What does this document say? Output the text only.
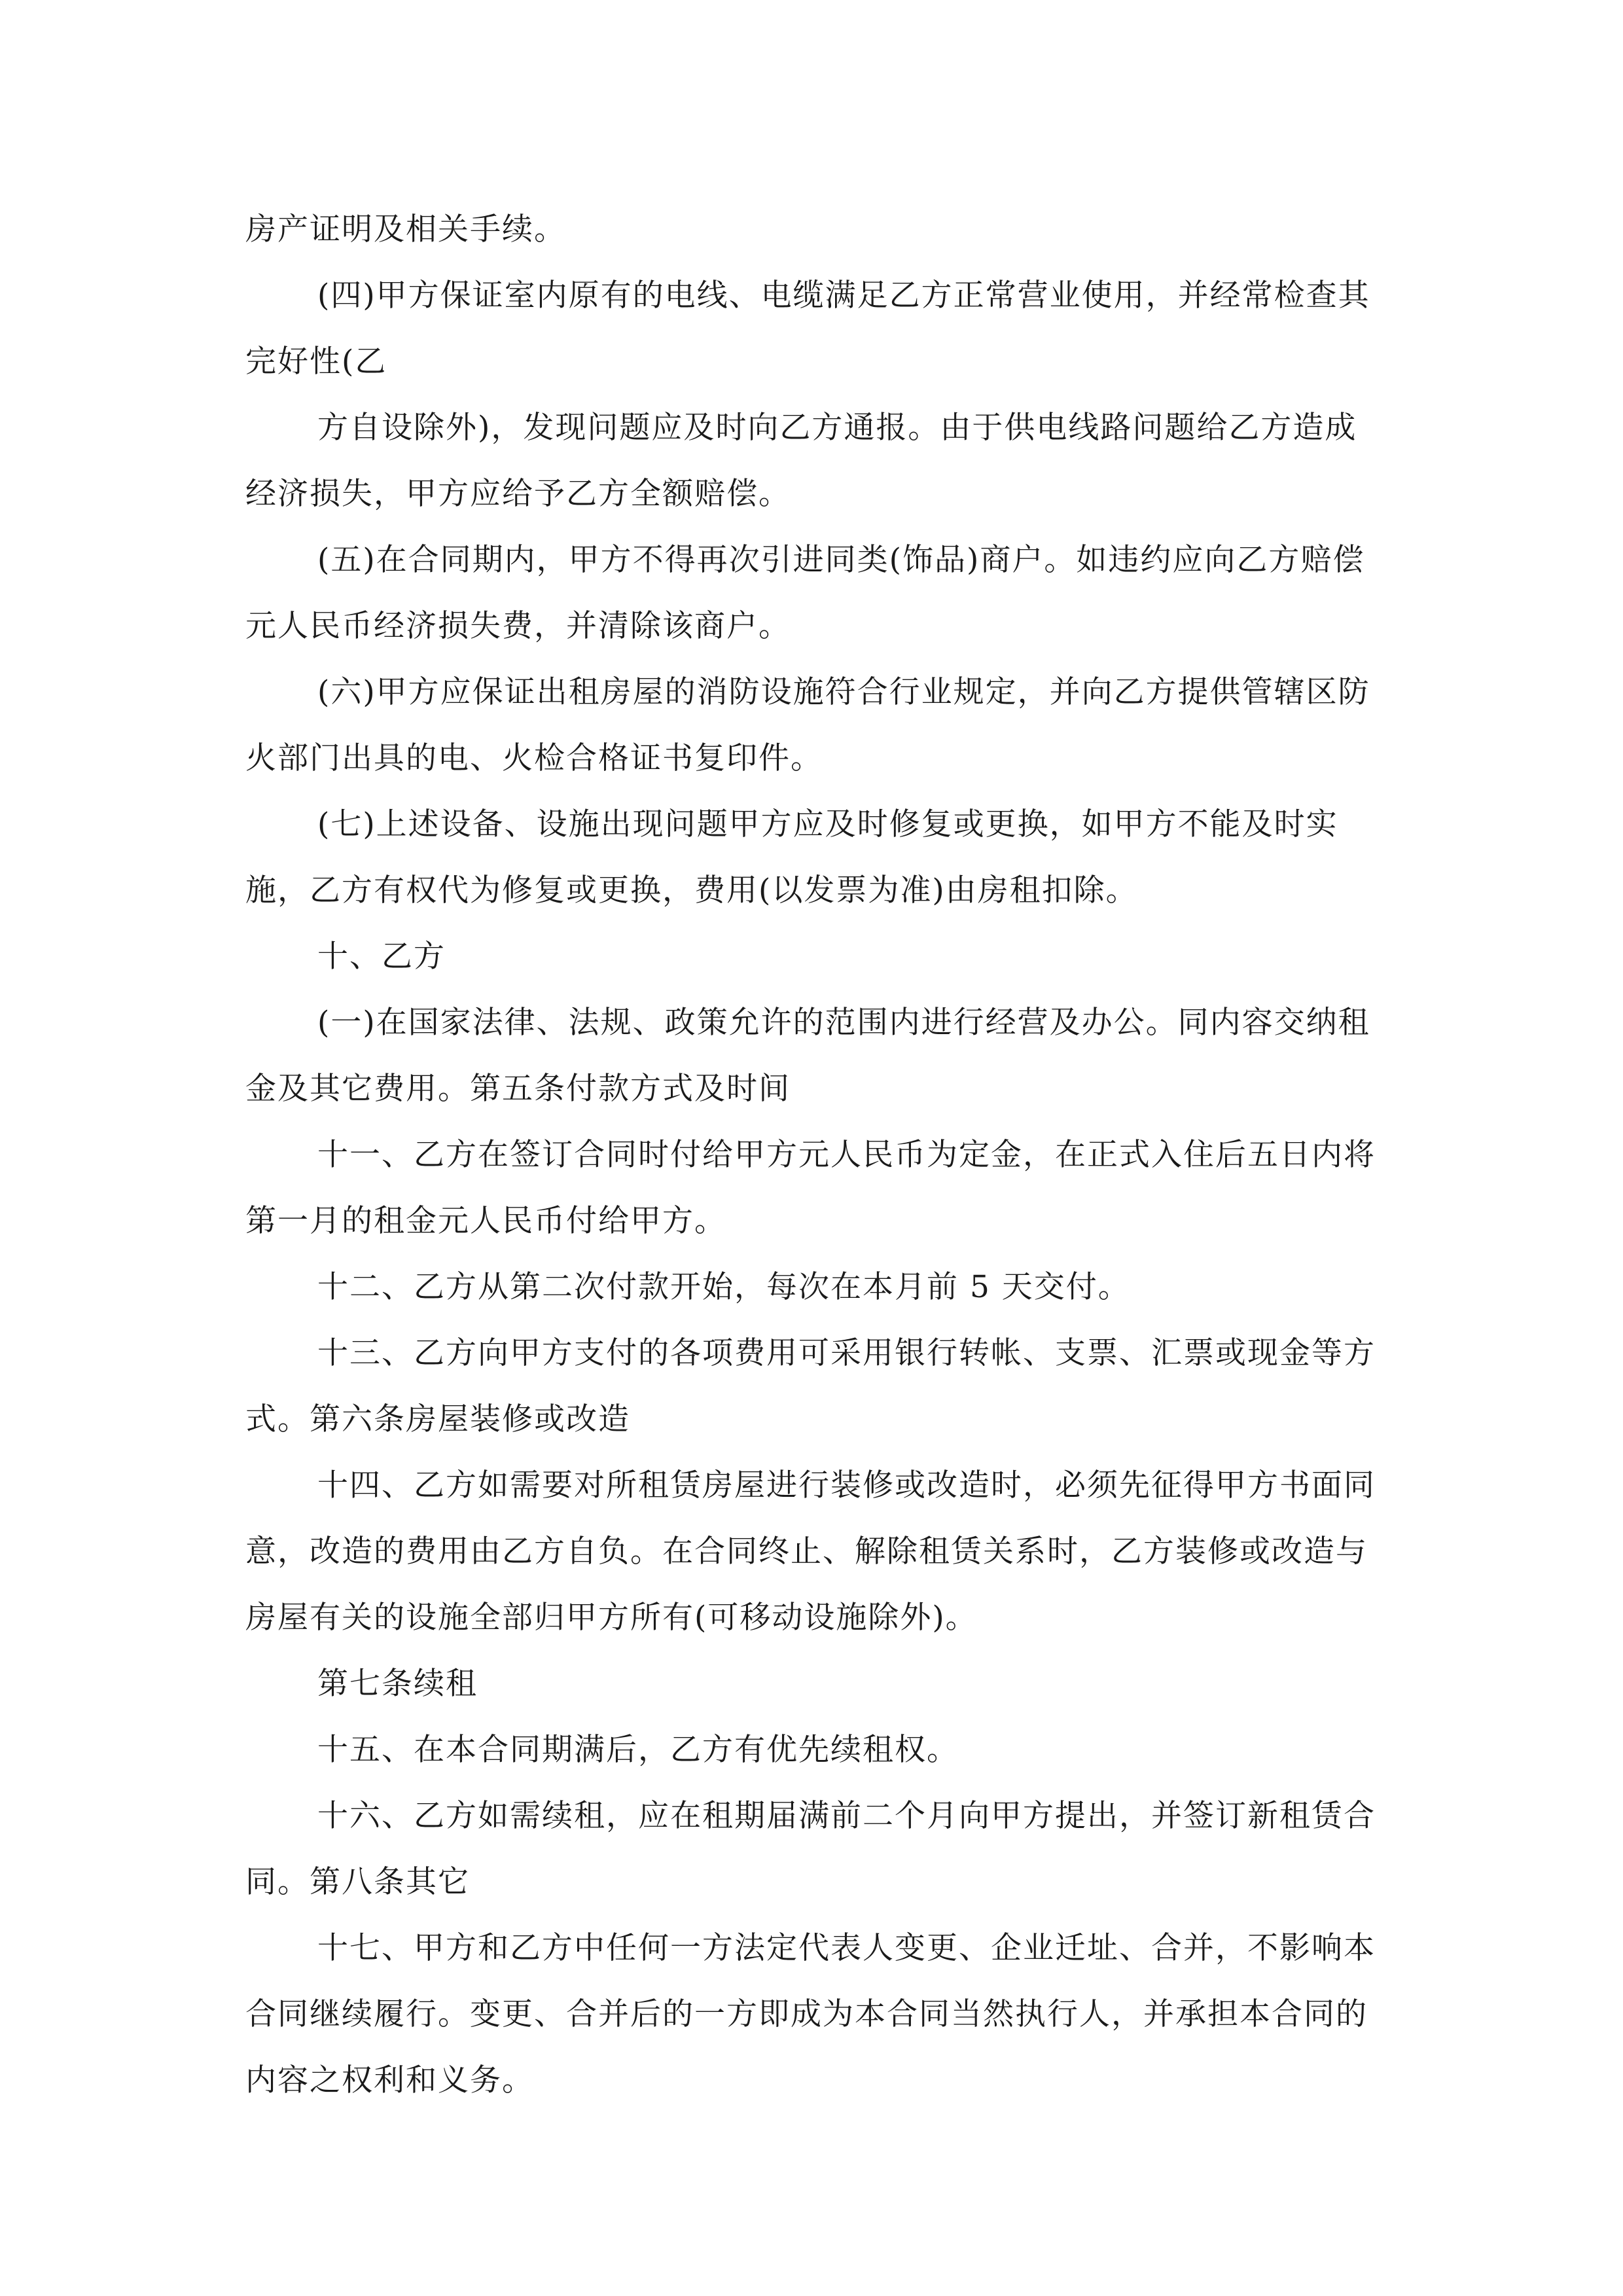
房产证明及相关手续。

(四)甲方保证室内原有的电线、电缆满足乙方正常营业使用，并经常检查其完好性(乙

方自设除外)，发现问题应及时向乙方通报。由于供电线路问题给乙方造成经济损失，甲方应给予乙方全额赔偿。

(五)在合同期内，甲方不得再次引进同类(饰品)商户。如违约应向乙方赔偿元人民币经济损失费，并清除该商户。

(六)甲方应保证出租房屋的消防设施符合行业规定，并向乙方提供管辖区防火部门出具的电、火检合格证书复印件。

(七)上述设备、设施出现问题甲方应及时修复或更换，如甲方不能及时实施，乙方有权代为修复或更换，费用(以发票为准)由房租扣除。

十、乙方

(一)在国家法律、法规、政策允许的范围内进行经营及办公。同内容交纳租金及其它费用。第五条付款方式及时间

十一、乙方在签订合同时付给甲方元人民币为定金，在正式入住后五日内将第一月的租金元人民币付给甲方。

十二、乙方从第二次付款开始，每次在本月前 5 天交付。

十三、乙方向甲方支付的各项费用可采用银行转帐、支票、汇票或现金等方式。第六条房屋装修或改造

十四、乙方如需要对所租赁房屋进行装修或改造时，必须先征得甲方书面同意，改造的费用由乙方自负。在合同终止、解除租赁关系时，乙方装修或改造与房屋有关的设施全部归甲方所有(可移动设施除外)。

第七条续租

十五、在本合同期满后，乙方有优先续租权。

十六、乙方如需续租，应在租期届满前二个月向甲方提出，并签订新租赁合同。第八条其它

十七、甲方和乙方中任何一方法定代表人变更、企业迁址、合并，不影响本合同继续履行。变更、合并后的一方即成为本合同当然执行人，并承担本合同的内容之权利和义务。
